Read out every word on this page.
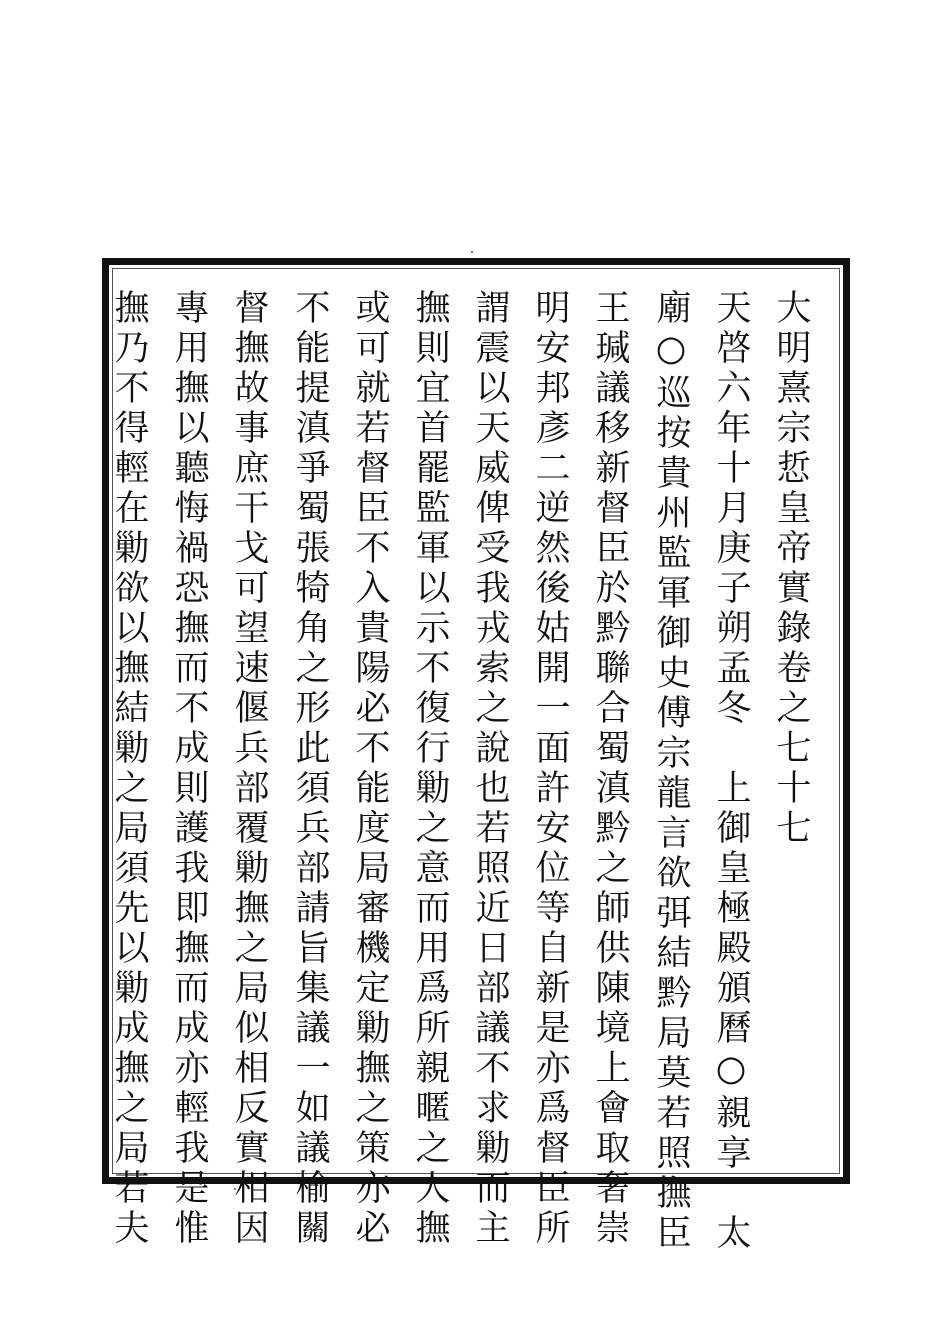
大明熹宗悊皇帝實錄卷之七十七

天啓六年十月庚子朔孟冬　上御皇極殿頒曆○親享　太

廟○巡按貴州監軍御史傅宗龍言欲弭結黔局莫若照撫臣

王瑊議移新督臣於黔聯合蜀滇黔之師供陳境上會取奢崇

明安邦彥二逆然後姑開一面許安位等自新是亦爲督臣所

謂震以天威俾受我戎索之說也若照近日部議不求勦而主

撫則宜首罷監軍以示不復行勦之意而用爲所親暱之人撫

或可就若督臣不入貴陽必不能度局審機定勦撫之策亦必

不能提滇爭蜀張犄角之形此須兵部請旨集議一如議榆關

督撫故事庶干戈可望速偃兵部覆勦撫之局似相反實相因

專用撫以聽悔禍恐撫而不成則護我即撫而成亦輕我是惟

撫乃不得輕在勦欲以撫結勦之局須先以勦成撫之局若夫
